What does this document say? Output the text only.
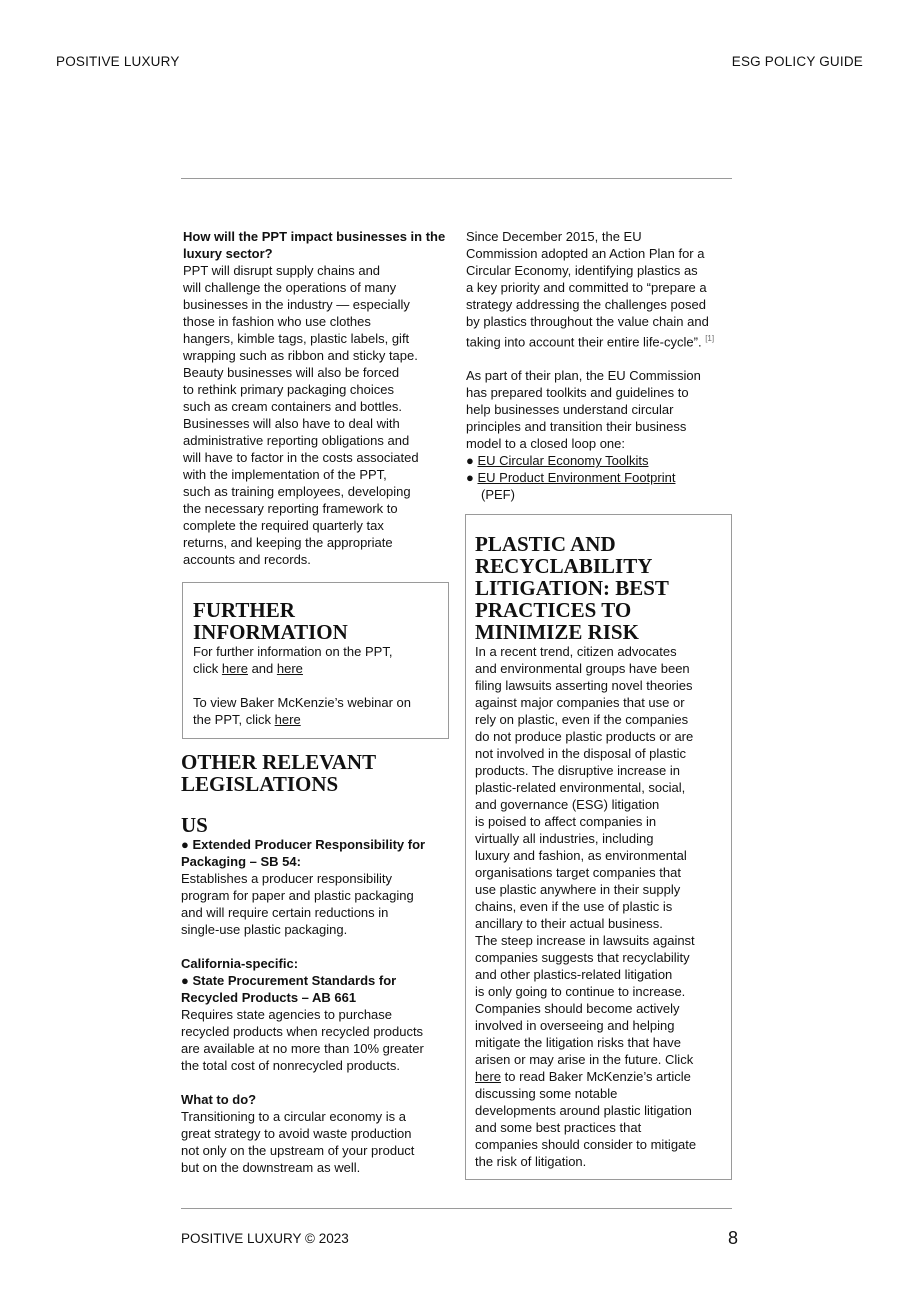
POSITIVE LUXURY	ESG POLICY GUIDE

How will the PPT impact businesses in the luxury sector?

PPT will disrupt supply chains and

will challenge the operations of many

businesses in the industry — especially

those in fashion who use clothes

hangers, kimble tags, plastic labels, gift

wrapping such as ribbon and sticky tape.

Beauty businesses will also be forced

to rethink primary packaging choices

such as cream containers and bottles.

Businesses will also have to deal with

administrative reporting obligations and

will have to factor in the costs associated

with the implementation of the PPT,

such as training employees, developing

the necessary reporting framework to

complete the required quarterly tax

returns, and keeping the appropriate

accounts and records.

FURTHER
INFORMATION

For further information on the PPT,

click here and here

To view Baker McKenzie’s webinar on

the PPT, click here

OTHER RELEVANT
LEGISLATIONS
US

● Extended Producer Responsibility for

Packaging – SB 54:

Establishes a producer responsibility

program for paper and plastic packaging

and will require certain reductions in

single-use plastic packaging.

California-specific:

● State Procurement Standards for

Recycled Products – AB 661

Requires state agencies to purchase

recycled products when recycled products

are available at no more than 10% greater

the total cost of nonrecycled products.

What to do?

Transitioning to a circular economy is a

great strategy to avoid waste production

not only on the upstream of your product

but on the downstream as well.

Since December 2015, the EU

Commission adopted an Action Plan for a

Circular Economy, identifying plastics as

a key priority and committed to “prepare a

strategy addressing the challenges posed

by plastics throughout the value chain and

taking into account their entire life-cycle”. [1]

As part of their plan, the EU Commission

has prepared toolkits and guidelines to

help businesses understand circular

principles and transition their business

model to a closed loop one:

● EU Circular Economy Toolkits

● EU Product Environment Footprint

(PEF)

PLASTIC AND
RECYCLABILITY
LITIGATION: BEST
PRACTICES TO
MINIMIZE RISK

In a recent trend, citizen advocates

and environmental groups have been

filing lawsuits asserting novel theories

against major companies that use or

rely on plastic, even if the companies

do not produce plastic products or are

not involved in the disposal of plastic

products. The disruptive increase in

plastic-related environmental, social,

and governance (ESG) litigation

is poised to affect companies in

virtually all industries, including

luxury and fashion, as environmental

organisations target companies that

use plastic anywhere in their supply

chains, even if the use of plastic is

ancillary to their actual business.

The steep increase in lawsuits against

companies suggests that recyclability

and other plastics-related litigation

is only going to continue to increase.

Companies should become actively

involved in overseeing and helping

mitigate the litigation risks that have

arisen or may arise in the future. Click

here to read Baker McKenzie’s article

discussing some notable

developments around plastic litigation

and some best practices that

companies should consider to mitigate

the risk of litigation.

POSITIVE LUXURY © 2023	8
